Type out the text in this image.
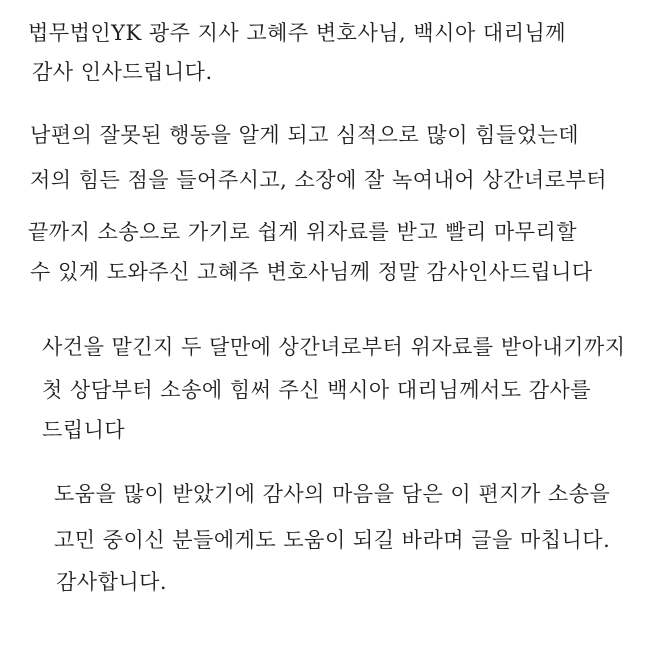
법무법인YK 광주 지사 고혜주 변호사님, 백시아 대리님께
감사 인사드립니다.
남편의 잘못된 행동을 알게 되고 심적으로 많이 힘들었는데
저의 힘든 점을 들어주시고, 소장에 잘 녹여내어 상간녀로부터
끝까지 소송으로 가기로 쉽게 위자료를 받고 빨리 마무리할
수 있게 도와주신 고혜주 변호사님께 정말 감사인사드립니다
사건을 맡긴지 두 달만에 상간녀로부터 위자료를 받아내기까지
첫 상담부터 소송에 힘써 주신 백시아 대리님께서도 감사를
드립니다
도움을 많이 받았기에 감사의 마음을 담은 이 편지가 소송을
고민 중이신 분들에게도 도움이 되길 바라며 글을 마칩니다.
감사합니다.
